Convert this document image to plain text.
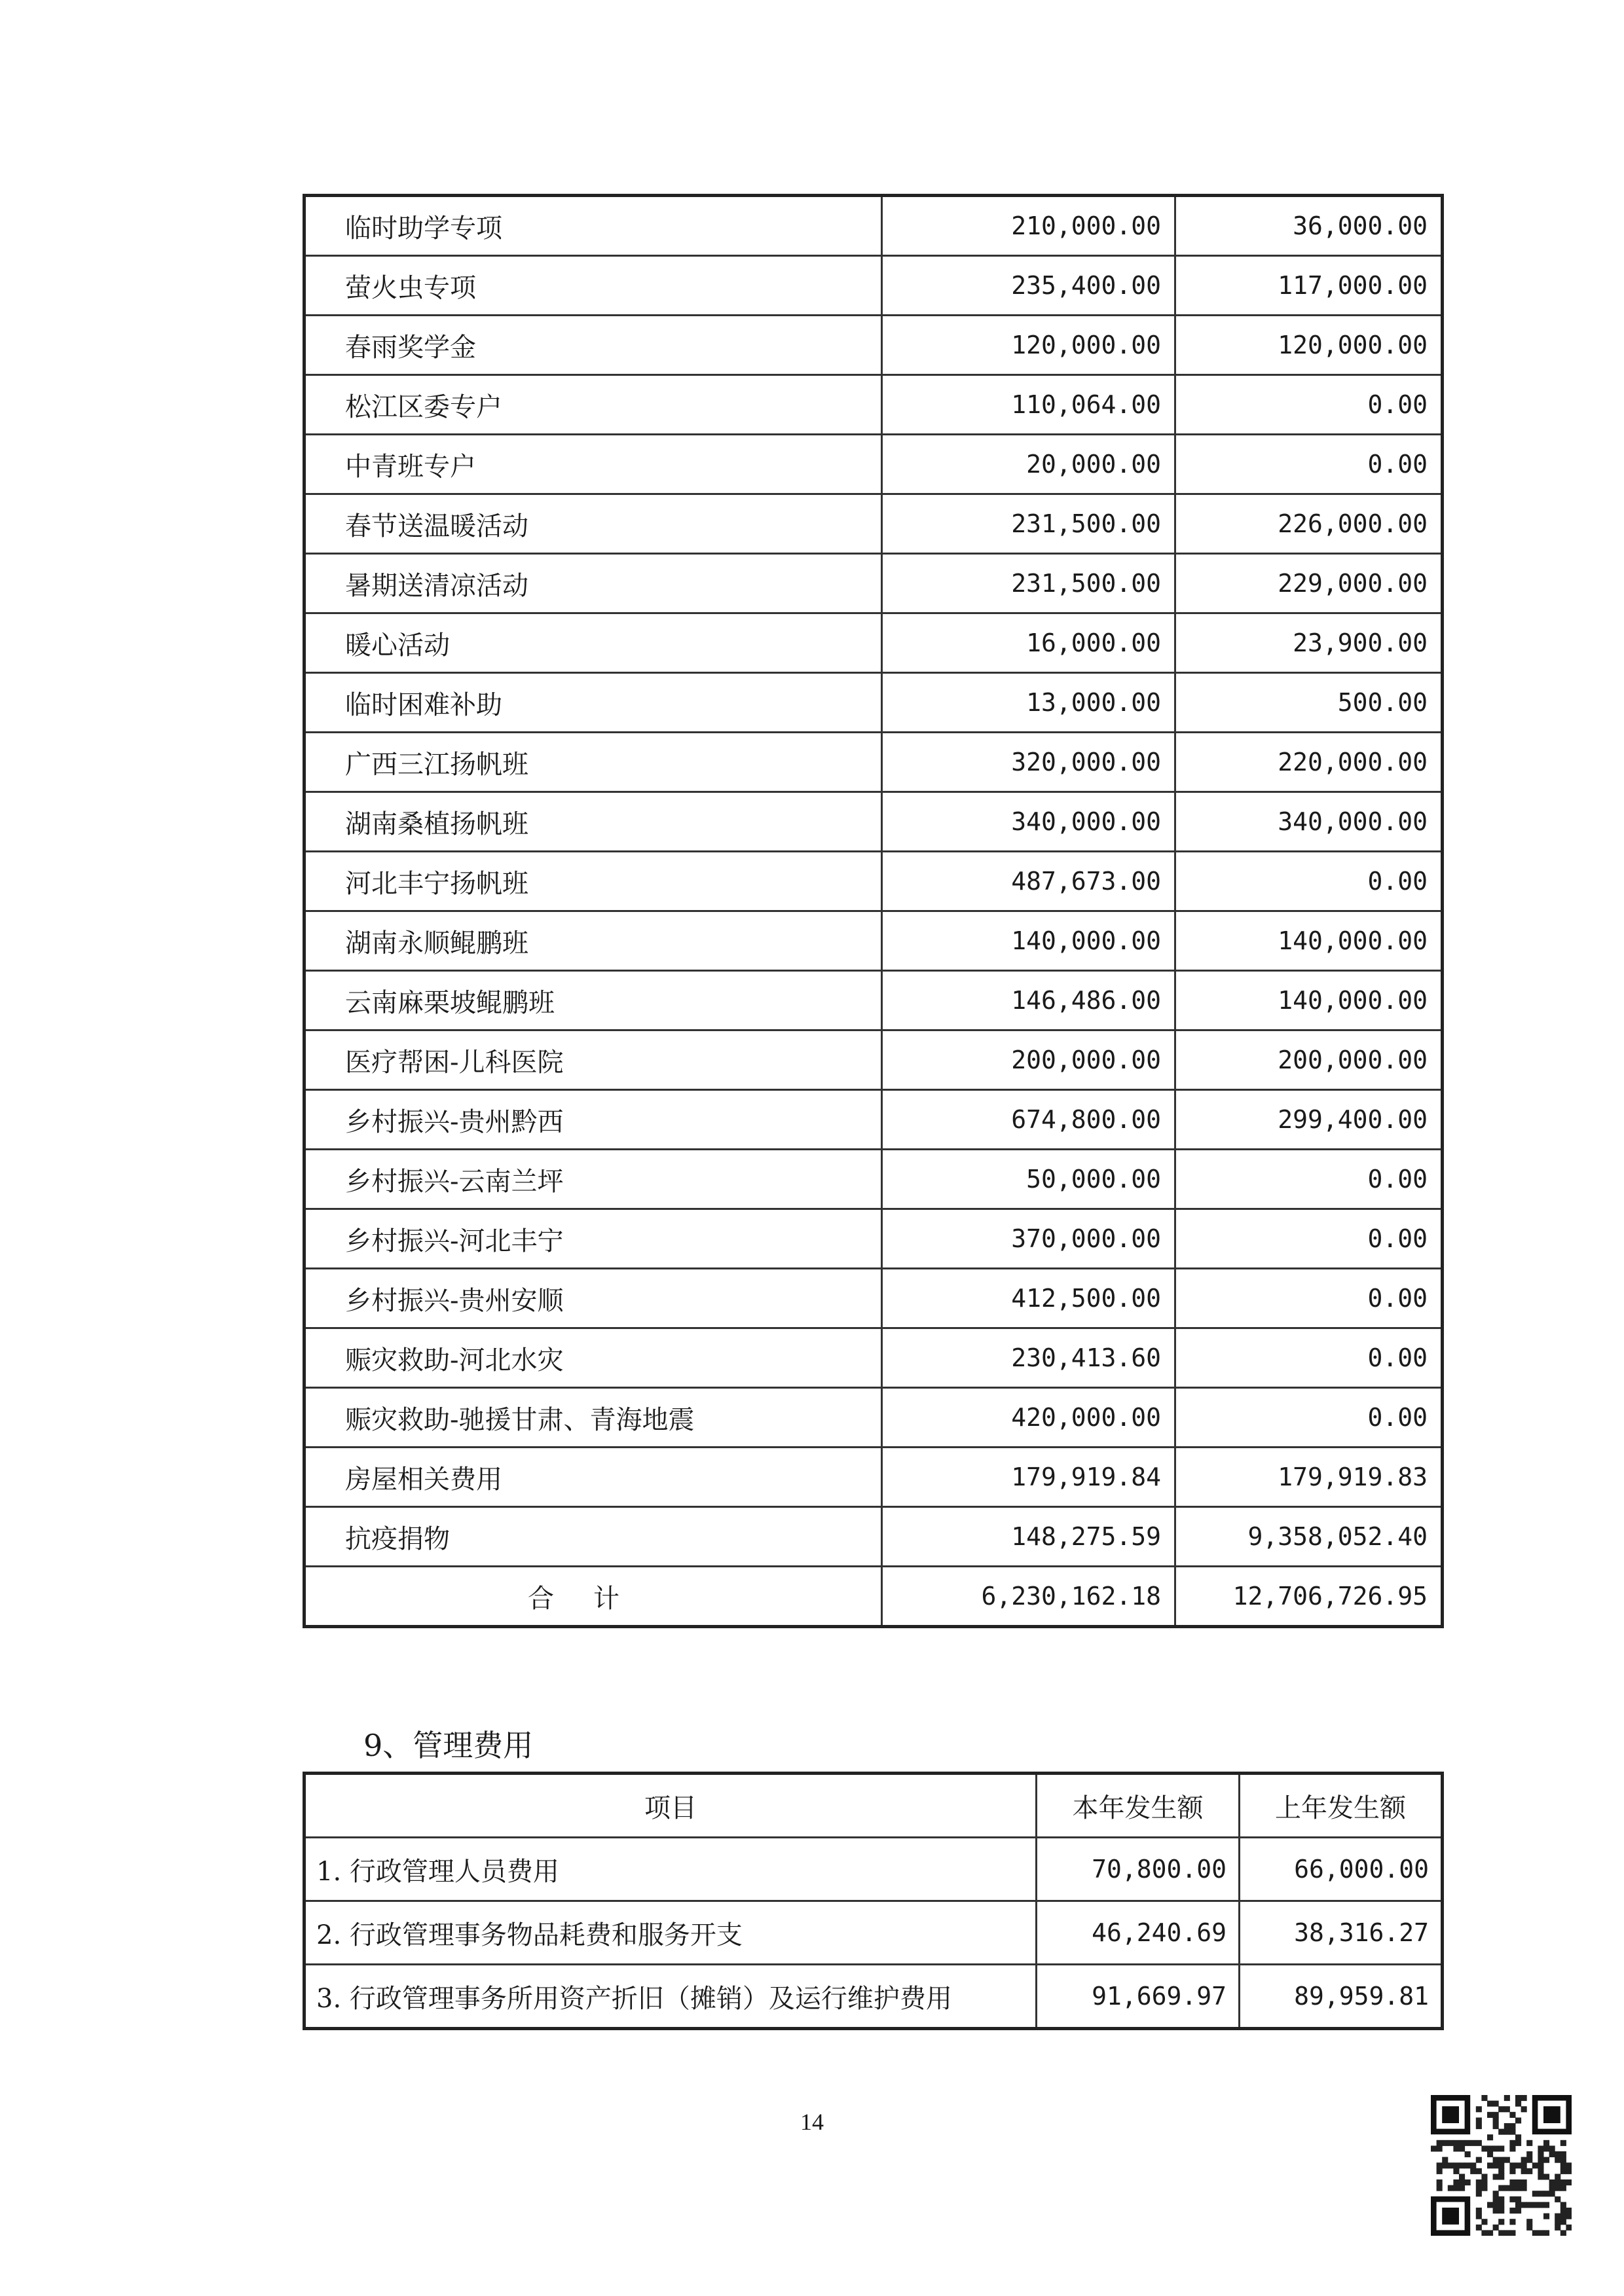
临时助学专项	210,000.00	36,000.00
萤火虫专项	235,400.00	117,000.00
春雨奖学金	120,000.00	120,000.00
松江区委专户	110,064.00	0.00
中青班专户	20,000.00	0.00
春节送温暖活动	231,500.00	226,000.00
暑期送清凉活动	231,500.00	229,000.00
暖心活动	16,000.00	23,900.00
临时困难补助	13,000.00	500.00
广西三江扬帆班	320,000.00	220,000.00
湖南桑植扬帆班	340,000.00	340,000.00
河北丰宁扬帆班	487,673.00	0.00
湖南永顺鲲鹏班	140,000.00	140,000.00
云南麻栗坡鲲鹏班	146,486.00	140,000.00
医疗帮困-儿科医院	200,000.00	200,000.00
乡村振兴-贵州黔西	674,800.00	299,400.00
乡村振兴-云南兰坪	50,000.00	0.00
乡村振兴-河北丰宁	370,000.00	0.00
乡村振兴-贵州安顺	412,500.00	0.00
赈灾救助-河北水灾	230,413.60	0.00
赈灾救助-驰援甘肃、青海地震	420,000.00	0.00
房屋相关费用	179,919.84	179,919.83
抗疫捐物	148,275.59	9,358,052.40
合计	6,230,162.18	12,706,726.95
9、管理费用
项目	本年发生额	上年发生额
1. 行政管理人员费用	70,800.00	66,000.00
2. 行政管理事务物品耗费和服务开支	46,240.69	38,316.27
3. 行政管理事务所用资产折旧（摊销）及运行维护费用	91,669.97	89,959.81
14
